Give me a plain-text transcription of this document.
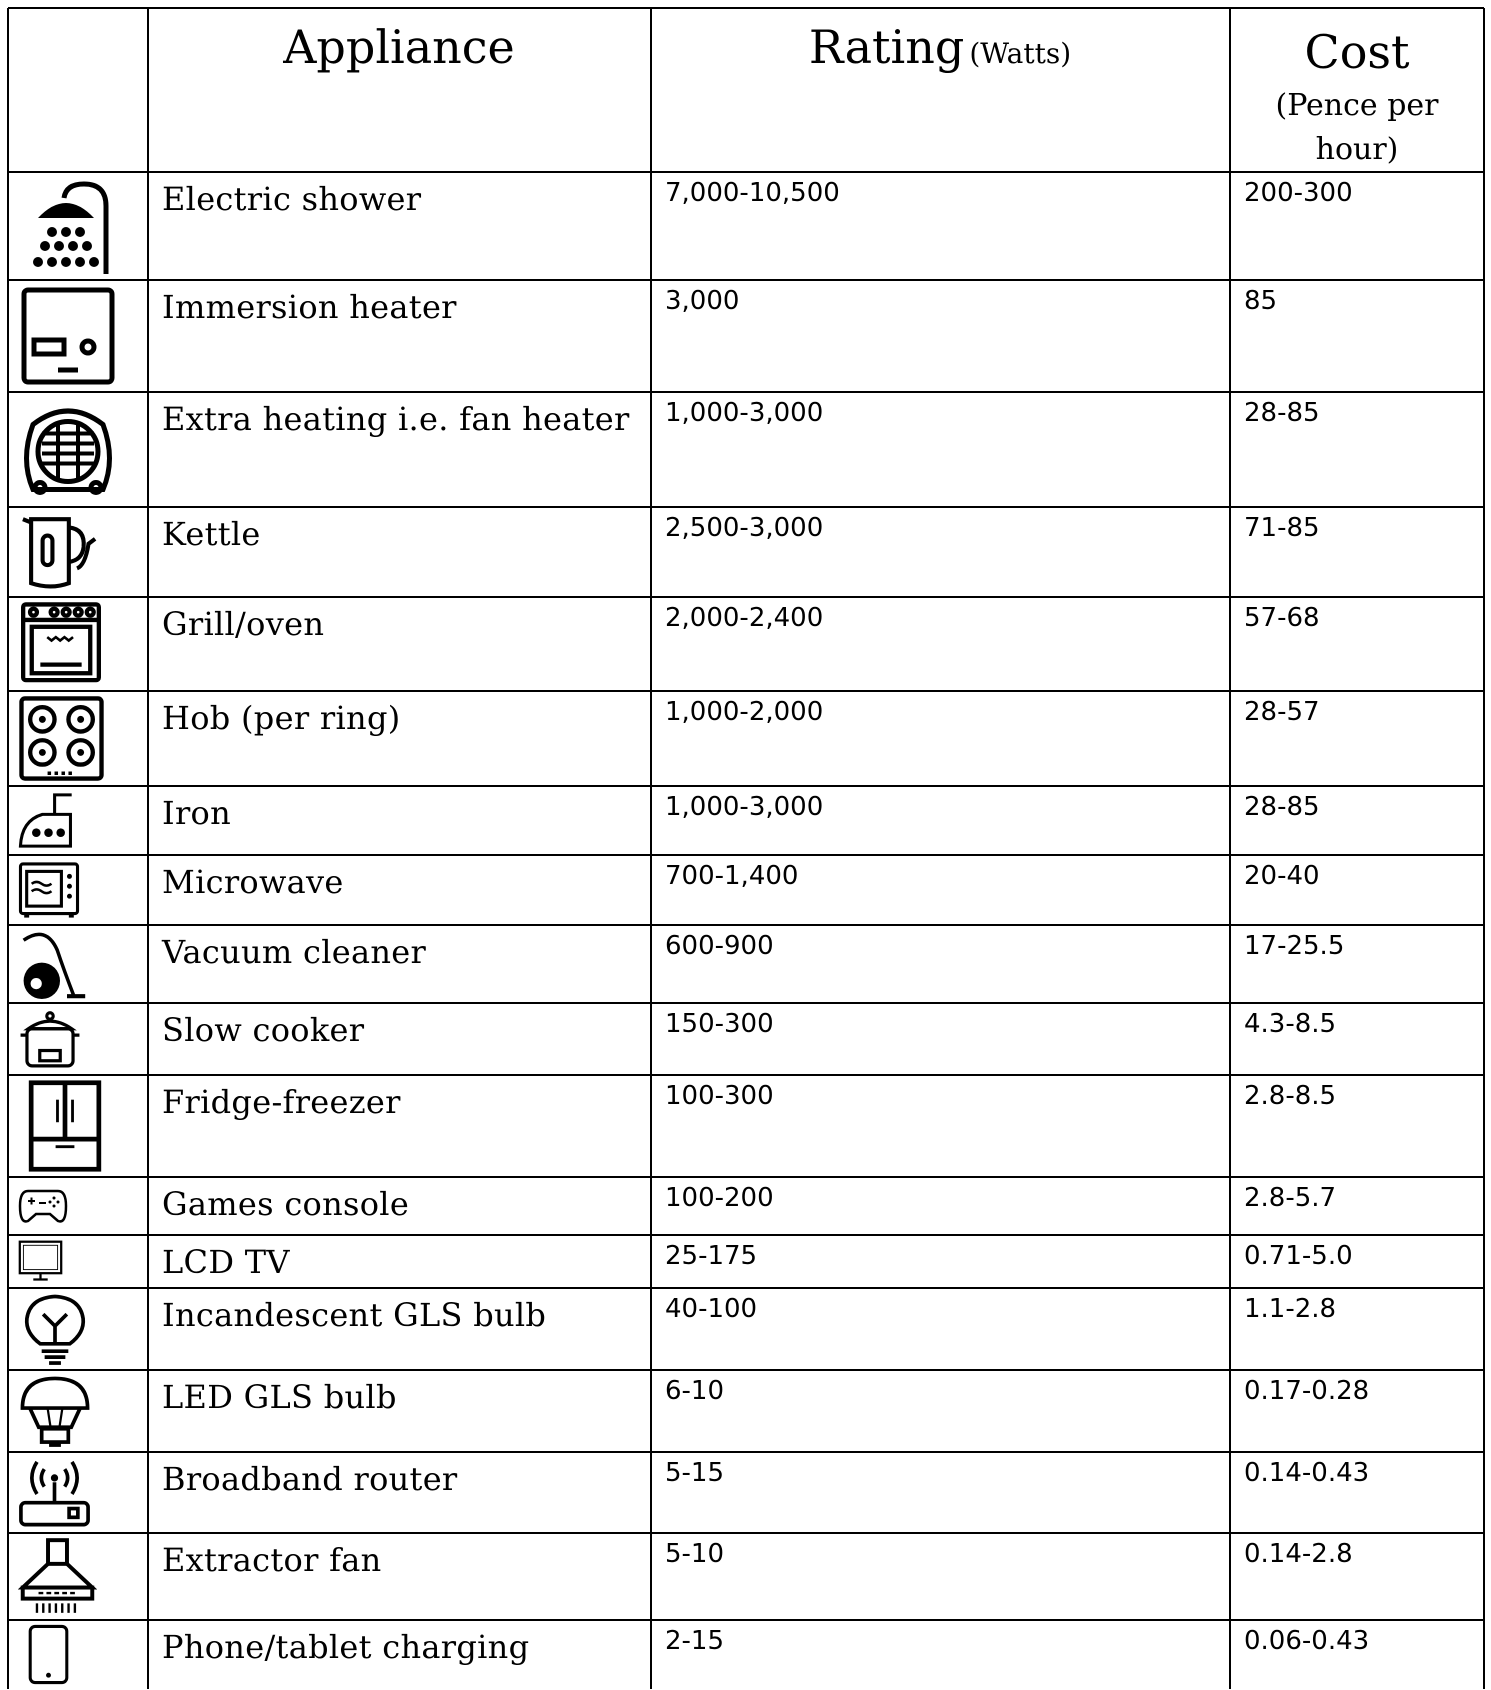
Appliance	Rating (Watts)	Cost
(Pence per
hour)
Electric shower	7,000-10,500	200-300
Immersion heater	3,000	85
Extra heating i.e. fan heater	1,000-3,000	28-85
Kettle	2,500-3,000	71-85
Grill/oven	2,000-2,400	57-68
Hob (per ring)	1,000-2,000	28-57
Iron	1,000-3,000	28-85
Microwave	700-1,400	20-40
Vacuum cleaner	600-900	17-25.5
Slow cooker	150-300	4.3-8.5
Fridge-freezer	100-300	2.8-8.5
Games console	100-200	2.8-5.7
LCD TV	25-175	0.71-5.0
Incandescent GLS bulb	40-100	1.1-2.8
LED GLS bulb	6-10	0.17-0.28
Broadband router	5-15	0.14-0.43
Extractor fan	5-10	0.14-2.8
Phone/tablet charging	2-15	0.06-0.43
